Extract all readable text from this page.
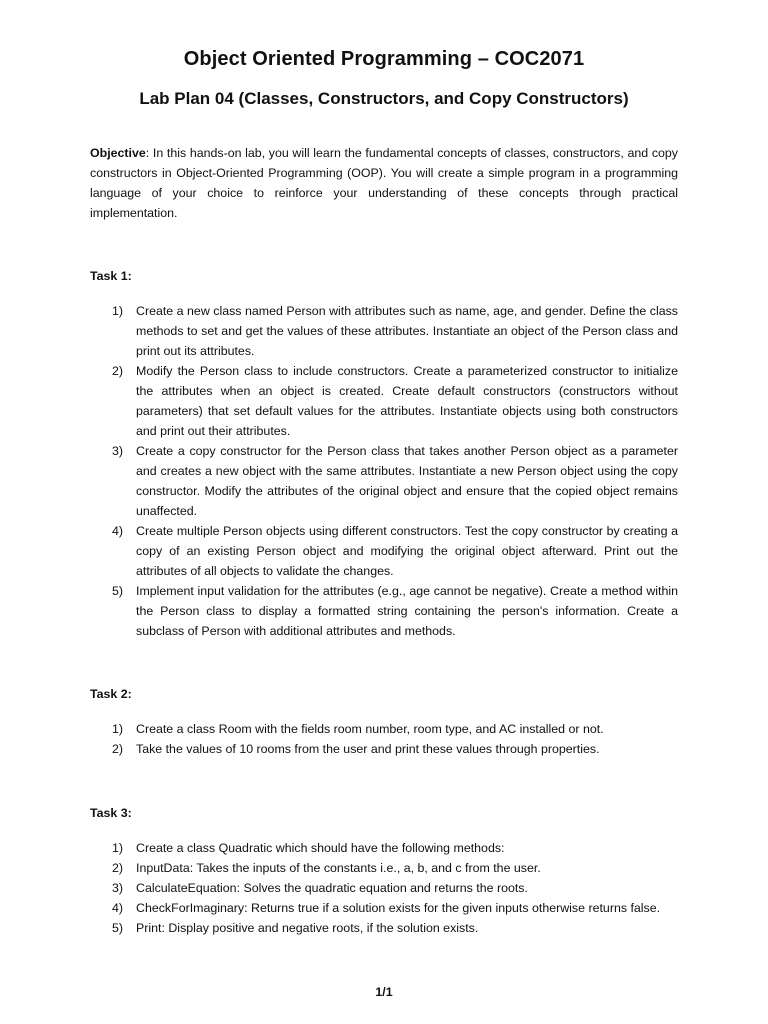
Object Oriented Programming – COC2071
Lab Plan 04 (Classes, Constructors, and Copy Constructors)
Objective: In this hands-on lab, you will learn the fundamental concepts of classes, constructors, and copy constructors in Object-Oriented Programming (OOP). You will create a simple program in a programming language of your choice to reinforce your understanding of these concepts through practical implementation.
Task 1:
1) Create a new class named Person with attributes such as name, age, and gender. Define the class methods to set and get the values of these attributes. Instantiate an object of the Person class and print out its attributes.
2) Modify the Person class to include constructors. Create a parameterized constructor to initialize the attributes when an object is created. Create default constructors (constructors without parameters) that set default values for the attributes. Instantiate objects using both constructors and print out their attributes.
3) Create a copy constructor for the Person class that takes another Person object as a parameter and creates a new object with the same attributes. Instantiate a new Person object using the copy constructor. Modify the attributes of the original object and ensure that the copied object remains unaffected.
4) Create multiple Person objects using different constructors. Test the copy constructor by creating a copy of an existing Person object and modifying the original object afterward. Print out the attributes of all objects to validate the changes.
5) Implement input validation for the attributes (e.g., age cannot be negative). Create a method within the Person class to display a formatted string containing the person's information. Create a subclass of Person with additional attributes and methods.
Task 2:
1) Create a class Room with the fields room number, room type, and AC installed or not.
2) Take the values of 10 rooms from the user and print these values through properties.
Task 3:
1) Create a class Quadratic which should have the following methods:
2) InputData: Takes the inputs of the constants i.e., a, b, and c from the user.
3) CalculateEquation: Solves the quadratic equation and returns the roots.
4) CheckForImaginary: Returns true if a solution exists for the given inputs otherwise returns false.
5) Print: Display positive and negative roots, if the solution exists.
1/1
